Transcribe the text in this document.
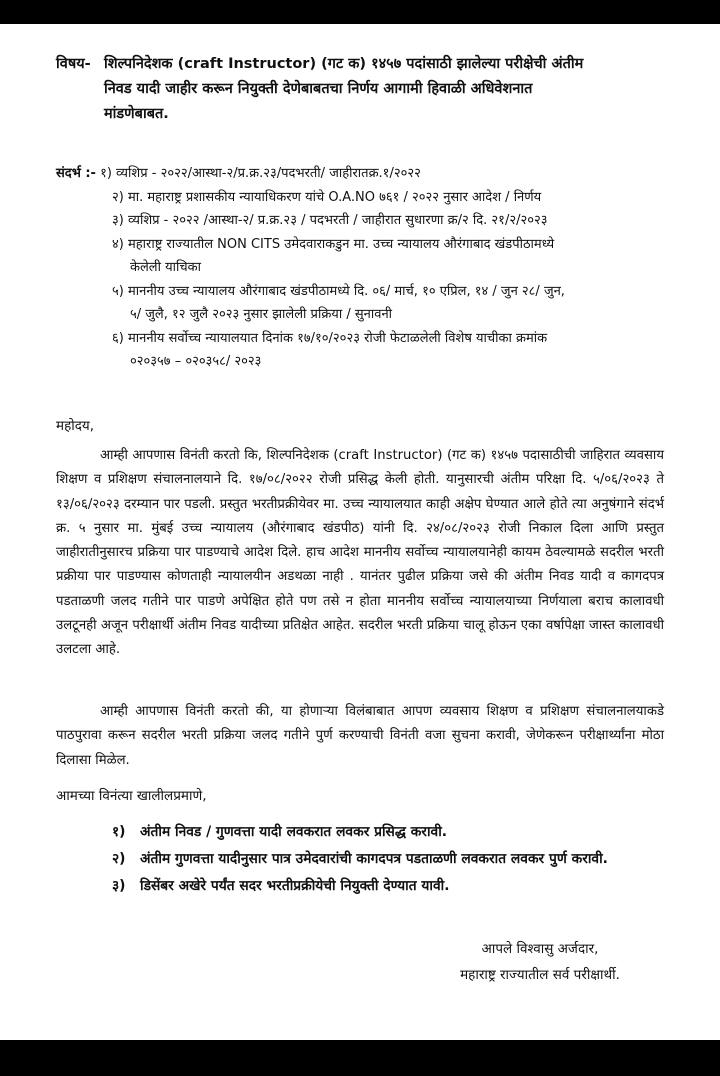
विषय- शिल्पनिदेशक (craft Instructor) (गट क) १४५७ पदांसाठी झालेल्या परीक्षेची अंतीम
निवड यादी जाहीर करून नियुक्ती देणेबाबतचा निर्णय आगामी हिवाळी अधिवेशनात
मांडणेबाबत.
संदर्भ :- १) व्यशिप्र - २०२२/आस्था-२/प्र.क्र.२३/पदभरती/ जाहीरातक्र.१/२०२२
२) मा. महाराष्ट्र प्रशासकीय न्यायाधिकरण यांचे O.A.NO ७६१ / २०२२ नुसार आदेश / निर्णय
३) व्यशिप्र - २०२२ /आस्था-२/ प्र.क्र.२३ / पदभरती / जाहीरात सुधारणा क्र/२ दि. २१/२/२०२३
४) महाराष्ट्र राज्यातील NON CITS उमेदवाराकडुन मा. उच्च न्यायालय औरंगाबाद खंडपीठामध्ये
केलेली याचिका
५) माननीय उच्च न्यायालय औरंगाबाद खंडपीठामध्ये दि. ०६/ मार्च, १० एप्रिल, १४ / जुन २८/ जुन,
५/ जुलै, १२ जुलै २०२३ नुसार झालेली प्रक्रिया / सुनावनी
६) माननीय सर्वोच्च न्यायालयात दिनांक १७/१०/२०२३ रोजी फेटाळलेली विशेष याचीका क्रमांक
०२०३५७ – ०२०३५८/ २०२३
महोदय,
आम्ही आपणास विनंती करतो कि, शिल्पनिदेशक (craft Instructor) (गट क) १४५७ पदासाठीची जाहिरात व्यवसाय शिक्षण व प्रशिक्षण संचालनालयाने दि. १७/०८/२०२२ रोजी प्रसिद्ध केली होती. यानुसारची अंतीम परिक्षा दि. ५/०६/२०२३ ते १३/०६/२०२३ दरम्यान पार पडली. प्रस्तुत भरतीप्रक्रीयेवर मा. उच्च न्यायालयात काही अक्षेप घेण्यात आले होते त्या अनुषंगाने संदर्भ क्र. ५ नुसार मा. मुंबई उच्च न्यायालय (औरंगाबाद खंडपीठ) यांनी दि. २४/०८/२०२३ रोजी निकाल दिला आणि प्रस्तुत जाहीरातीनुसारच प्रक्रिया पार पाडण्याचे आदेश दिले. हाच आदेश माननीय सर्वोच्च न्यायालयानेही कायम ठेवल्यामळे सदरील भरती प्रक्रीया पार पाडण्यास कोणताही न्यायालयीन अडथळा नाही . यानंतर पुढील प्रक्रिया जसे की अंतीम निवड यादी व कागदपत्र पडताळणी जलद गतीने पार पाडणे अपेक्षित होते पण तसे न होता माननीय सर्वोच्च न्यायालयाच्या निर्णयाला बराच कालावधी उलटूनही अजून परीक्षार्थी अंतीम निवड यादीच्या प्रतिक्षेत आहेत. सदरील भरती प्रक्रिया चालू होऊन एका वर्षापेक्षा जास्त कालावधी उलटला आहे.
आम्ही आपणास विनंती करतो की, या होणाऱ्या विलंबाबात आपण व्यवसाय शिक्षण व प्रशिक्षण संचालनालयाकडे पाठपुरावा करून सदरील भरती प्रक्रिया जलद गतीने पुर्ण करण्याची विनंती वजा सुचना करावी, जेणेकरून परीक्षार्थ्यांना मोठा दिलासा मिळेल.
आमच्या विनंत्या खालीलप्रमाणे,
१) अंतीम निवड / गुणवत्ता यादी लवकरात लवकर प्रसिद्ध करावी.
२) अंतीम गुणवत्ता यादीनुसार पात्र उमेदवारांची कागदपत्र पडताळणी लवकरात लवकर पुर्ण करावी.
३) डिसेंबर अखेरे पर्यंत सदर भरतीप्रक्रीयेची नियुक्ती देण्यात यावी.
आपले विश्वासु अर्जदार,
महाराष्ट्र राज्यातील सर्व परीक्षार्थी.
